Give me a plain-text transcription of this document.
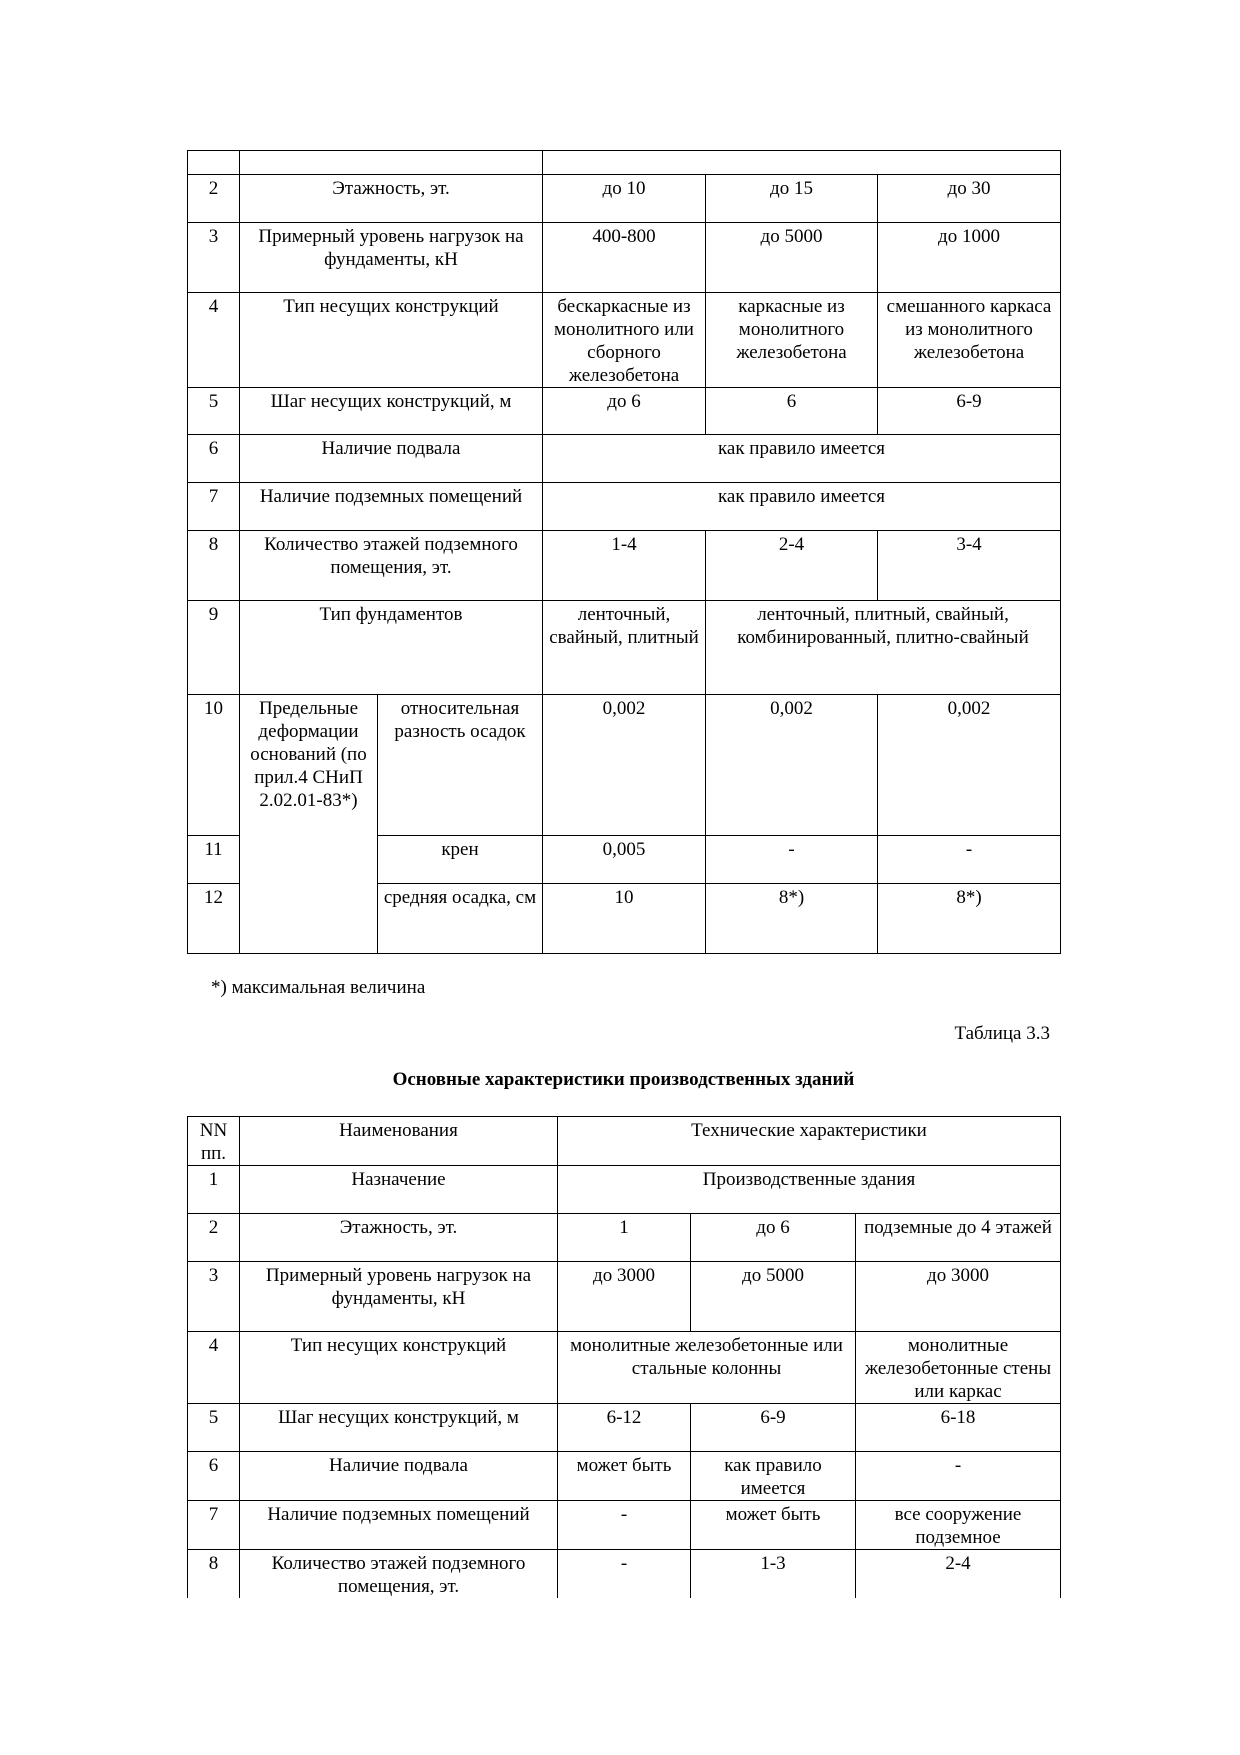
2	Этажность, эт.		до 10	до 15	до 30
3	Примерный уровень нагрузок на фундаменты, кН		400-800	до 5000	до 1000
4	Тип несущих конструкций		бескаркасные из монолитного или сборного железобетона	каркасные из монолитного железобетона	смешанного каркаса из монолитного железобетона
5	Шаг несущих конструкций, м		до 6	6	6-9
6	Наличие подвала		как правило имеется		
7	Наличие подземных помещений		как правило имеется		
8	Количество этажей подземного помещения, эт.		1-4	2-4	3-4
9	Тип фундаментов		ленточный, свайный, плитный	ленточный, плитный, свайный, комбинированный, плитно-свайный	
10	Предельные деформации оснований (по прил.4 СНиП 2.02.01-83*)	относительная разность осадок	0,002	0,002	0,002
11		крен	0,005	-	-
12		средняя осадка, см	10	8*)	8*)
*) максимальная величина
Таблица 3.3
Основные характеристики производственных зданий
NN пп.	Наименования	Технические характеристики		
1	Назначение	Производственные здания		
2	Этажность, эт.	1	до 6	подземные до 4 этажей
3	Примерный уровень нагрузок на фундаменты, кН	до 3000	до 5000	до 3000
4	Тип несущих конструкций	монолитные железобетонные или стальные колонны		монолитные железобетонные стены или каркас
5	Шаг несущих конструкций, м	6-12	6-9	6-18
6	Наличие подвала	может быть	как правило имеется	-
7	Наличие подземных помещений	-	может быть	все сооружение подземное
8	Количество этажей подземного помещения, эт.	-	1-3	2-4
